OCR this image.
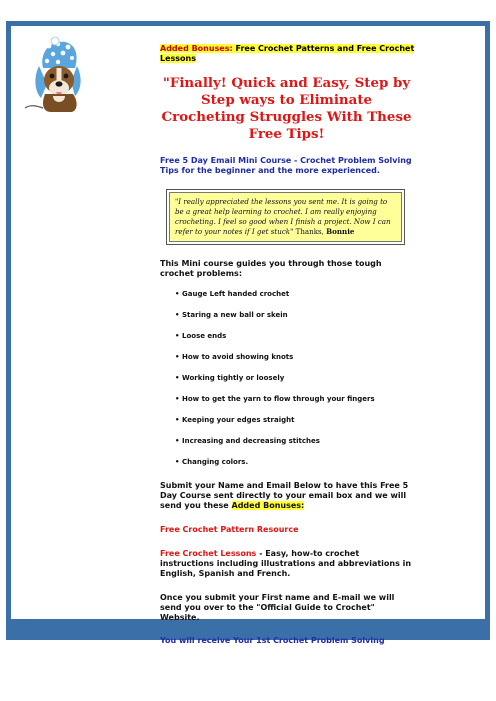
Added Bonuses: Free Crochet Patterns and Free Crochet Lessons

"Finally! Quick and Easy, Step by Step ways to Eliminate Crocheting Struggles With These Free Tips!

Free 5 Day Email Mini Course - Crochet Problem Solving Tips for the beginner and the more experienced.

"I really appreciated the lessons you sent me. It is going to be a great help learning to crochet. I am really enjoying crocheting. I feel so good when I finish a project. Now I can refer to your notes if I get stuck" Thanks, Bonnie

This Mini course guides you through those tough crochet problems:

• Gauge Left handed crochet
• Staring a new ball or skein
• Loose ends
• How to avoid showing knots
• Working tightly or loosely
• How to get the yarn to flow through your fingers
• Keeping your edges straight
• Increasing and decreasing stitches
• Changing colors.

Submit your Name and Email Below to have this Free 5 Day Course sent directly to your email box and we will send you these Added Bonuses:

Free Crochet Pattern Resource

Free Crochet Lessons - Easy, how-to crochet instructions including illustrations and abbreviations in English, Spanish and French.

Once you submit your First name and E-mail we will send you over to the "Official Guide to Crochet" Website.

You will receive Your 1st Crochet Problem Solving
